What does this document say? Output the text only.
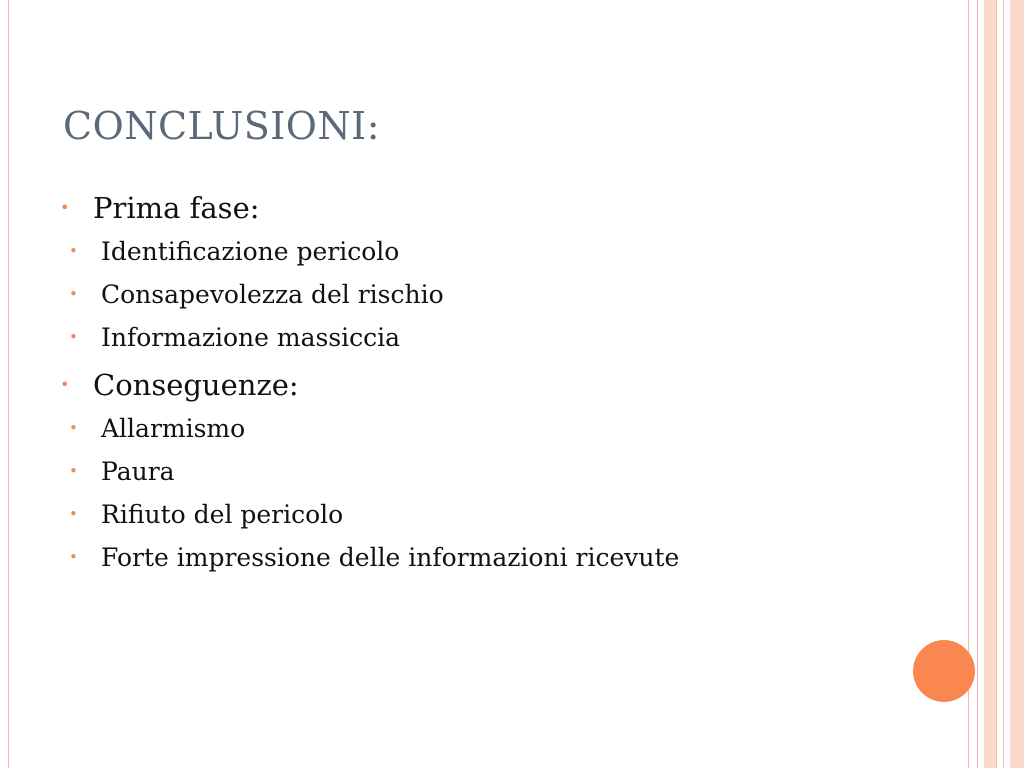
CONCLUSIONI:
• Prima fase:
• Identificazione pericolo
• Consapevolezza del rischio
• Informazione massiccia
• Conseguenze:
• Allarmismo
• Paura
• Rifiuto del pericolo
• Forte impressione delle informazioni ricevute
